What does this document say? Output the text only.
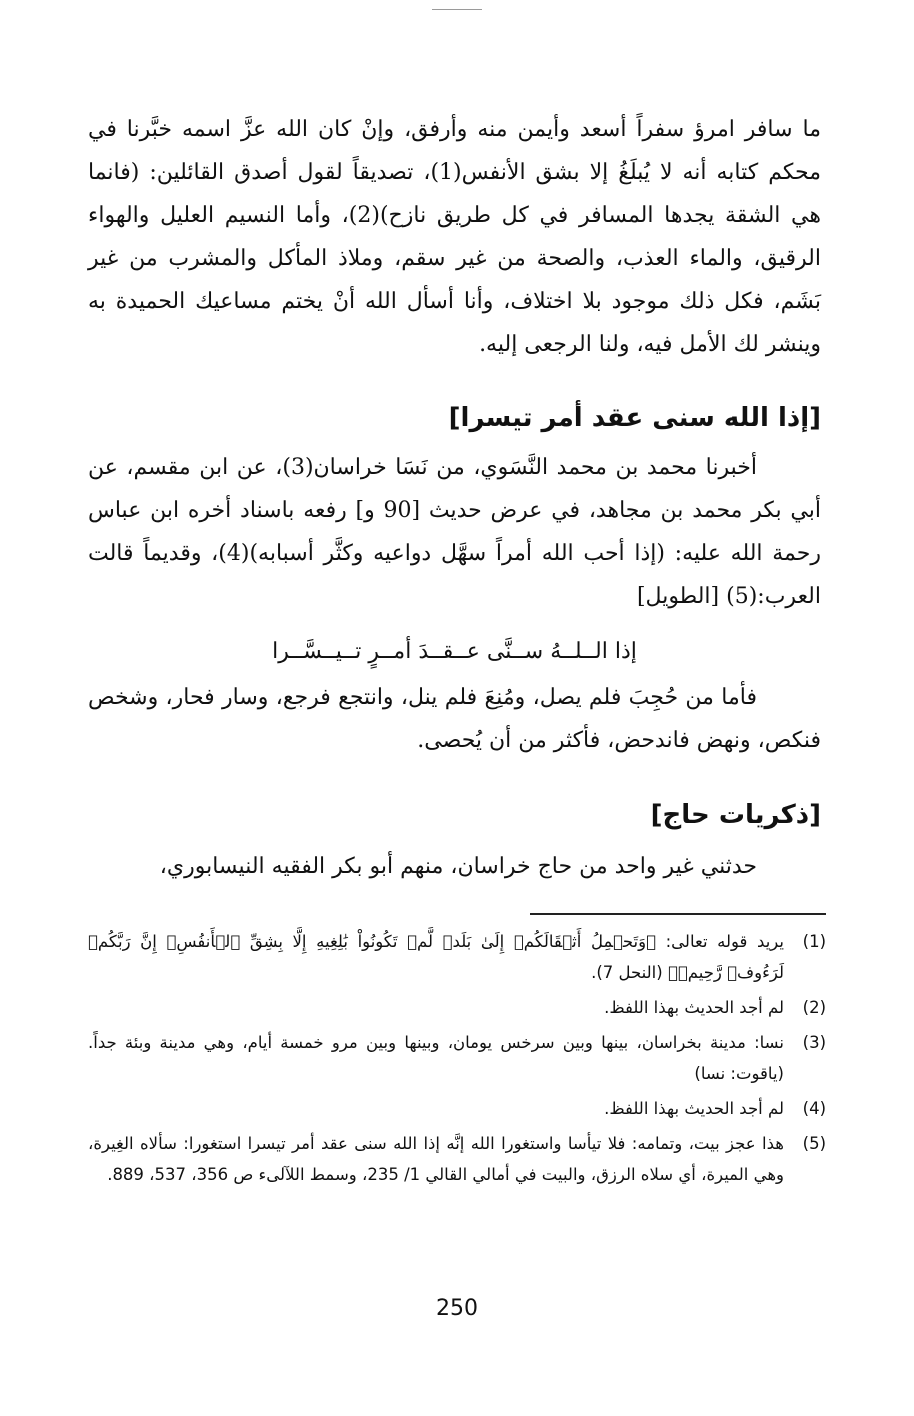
ما سافر امرؤ سفراً أسعد وأيمن منه وأرفق، وإنْ كان الله عزَّ اسمه خبَّرنا في محكم كتابه أنه لا يُبلَغُ إلا بشق الأنفس(1)، تصديقاً لقول أصدق القائلين: (فانما هي الشقة يجدها المسافر في كل طريق نازح)(2)، وأما النسيم العليل والهواء الرقيق، والماء العذب، والصحة من غير سقم، وملاذ المأكل والمشرب من غير بَشَم، فكل ذلك موجود بلا اختلاف، وأنا أسأل الله أنْ يختم مساعيك الحميدة به وينشر لك الأمل فيه، ولنا الرجعى إليه.

[إذا الله سنى عقد أمر تيسرا]

أخبرنا محمد بن محمد النَّسَوي، من نَسَا خراسان(3)، عن ابن مقسم، عن أبي بكر محمد بن مجاهد، في عرض حديث [90 و] رفعه باسناد أخره ابن عباس رحمة الله عليه: (إذا أحب الله أمراً سهَّل دواعيه وكثَّر أسبابه)(4)، وقديماً قالت العرب:(5) [الطويل]

إذا الــلــهُ ســنَّى عــقــدَ أمــرٍ تــيــسَّــرا

فأما من حُجِبَ فلم يصل، ومُنِعَ فلم ينل، وانتجع فرجع، وسار فحار، وشخص فنكص، ونهض فاندحض، فأكثر من أن يُحصى.

[ذكريات حاج]

حدثني غير واحد من حاج خراسان، منهم أبو بكر الفقيه النيسابوري،

(1)
يريد قوله تعالى: ﴿وَتَحۡمِلُ أَثۡقَالَكُمۡ إِلَىٰ بَلَدٖ لَّمۡ تَكُونُواْ بَٰلِغِيهِ إِلَّا بِشِقِّ ٱلۡأَنفُسِۚ إِنَّ رَبَّكُمۡ لَرَءُوفٞ رَّحِيمٞ﴾ (النحل 7).
(2)
لم أجد الحديث بهذا اللفظ.
(3)
نسا: مدينة بخراسان، بينها وبين سرخس يومان، وبينها وبين مرو خمسة أيام، وهي مدينة وبئة جداً. (ياقوت: نسا)
(4)
لم أجد الحديث بهذا اللفظ.
(5)
هذا عجز بيت، وتمامه: فلا تيأسا واستغورا الله إنَّه إذا الله سنى عقد أمر تيسرا استغورا: سألاه الغِيرة، وهي الميرة، أي سلاه الرزق، والبيت في أمالي القالي 1/ 235، وسمط اللآلىء ص 356، 537، 889.
250
